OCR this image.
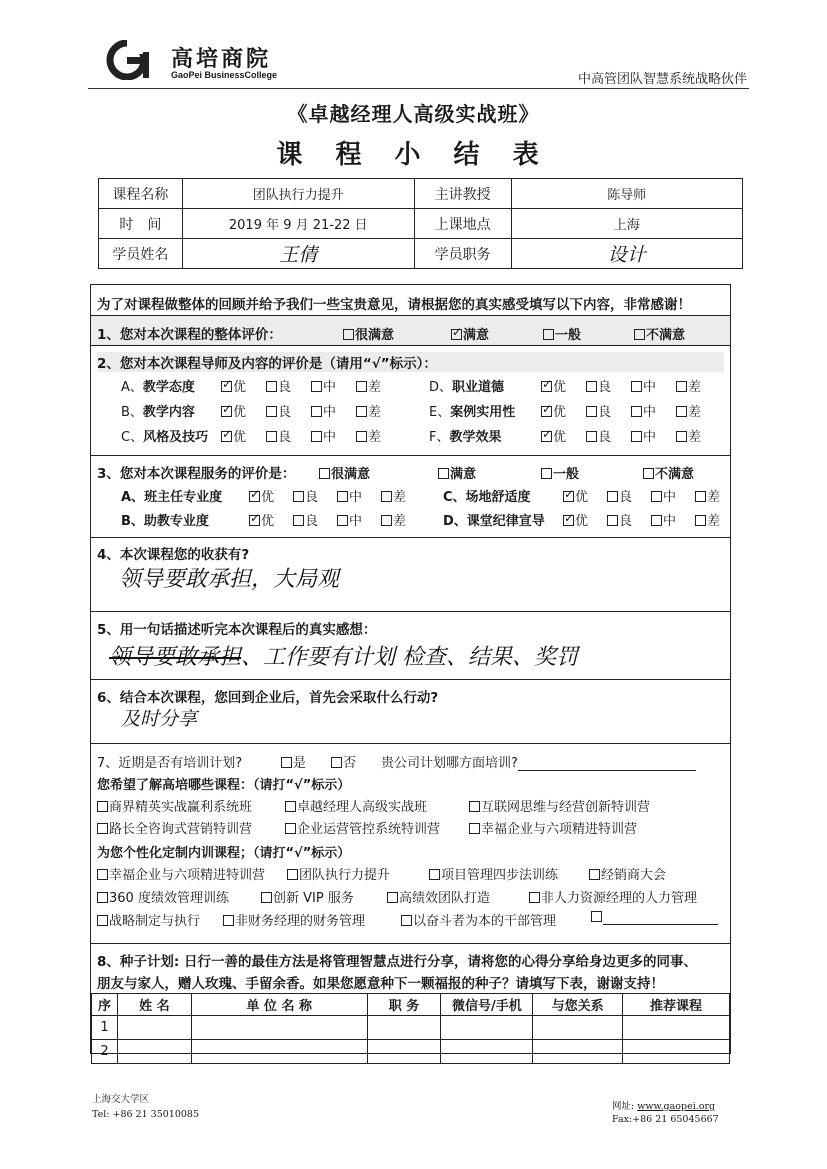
高培商院
GaoPei BusinessCollege	中高管团队智慧系统战略伙伴
《卓越经理人高级实战班》
课 程 小 结 表
课程名称	团队执行力提升	主讲教授	陈导师
时　间	2019 年 9 月 21-22 日	上课地点	上海
学员姓名	王倩	学员职务	设计
为了对课程做整体的回顾并给予我们一些宝贵意见，请根据您的真实感受填写以下内容，非常感谢！
1、您对本次课程的整体评价：	很满意 ✓	满意	一般	不满意
2、您对本次课程导师及内容的评价是（请用“√”标示）：
A、教学态度 ✓	优	良	中	差
B、教学内容 ✓	优	良	中	差
C、风格及技巧 ✓	优	良	中	差
D、职业道德 ✓	优	良	中	差
E、案例实用性 ✓	优	良	中	差
F、教学效果 ✓	优	良	中	差
3、您对本次课程服务的评价是：	很满意	满意	一般	不满意
A、班主任专业度 ✓	优	良	中	差
B、助教专业度 ✓	优	良	中	差
C、场地舒适度 ✓	优	良	中	差
D、课堂纪律宣导 ✓	优	良	中	差
4、本次课程您的收获有?
领导要敢承担，大局观
5、用一句话描述听完本次课程后的真实感想：
领导要敢承担、工作要有计划 检查、结果、奖罚
6、结合本次课程，您回到企业后，首先会采取什么行动?
及时分享
7、近期是否有培训计划?	是	否 贵公司计划哪方面培训?
您希望了解高培哪些课程：（请打“√”标示）
商界精英实战赢利系统班	卓越经理人高级实战班	互联网思维与经营创新特训营
路长全咨询式营销特训营	企业运营管控系统特训营	幸福企业与六项精进特训营
为您个性化定制内训课程；（请打“√”标示）
幸福企业与六项精进特训营	团队执行力提升	项目管理四步法训练	经销商大会
360 度绩效管理训练	创新 VIP 服务	高绩效团队打造	非人力资源经理的人力管理
战略制定与执行	非财务经理的财务管理	以奋斗者为本的干部管理
8、种子计划: 日行一善的最佳方法是将管理智慧点进行分享，请将您的心得分享给身边更多的同事、
朋友与家人，赠人玫瑰、手留余香。如果您愿意种下一颗福报的种子？请填写下表，谢谢支持！
序	姓 名	单 位 名 称	职 务	微信号/手机	与您关系	推荐课程
1						
2						
上海交大学区
Tel: +86 21 35010085
网址: www.gaopei.org
Fax:+86 21 65045667
